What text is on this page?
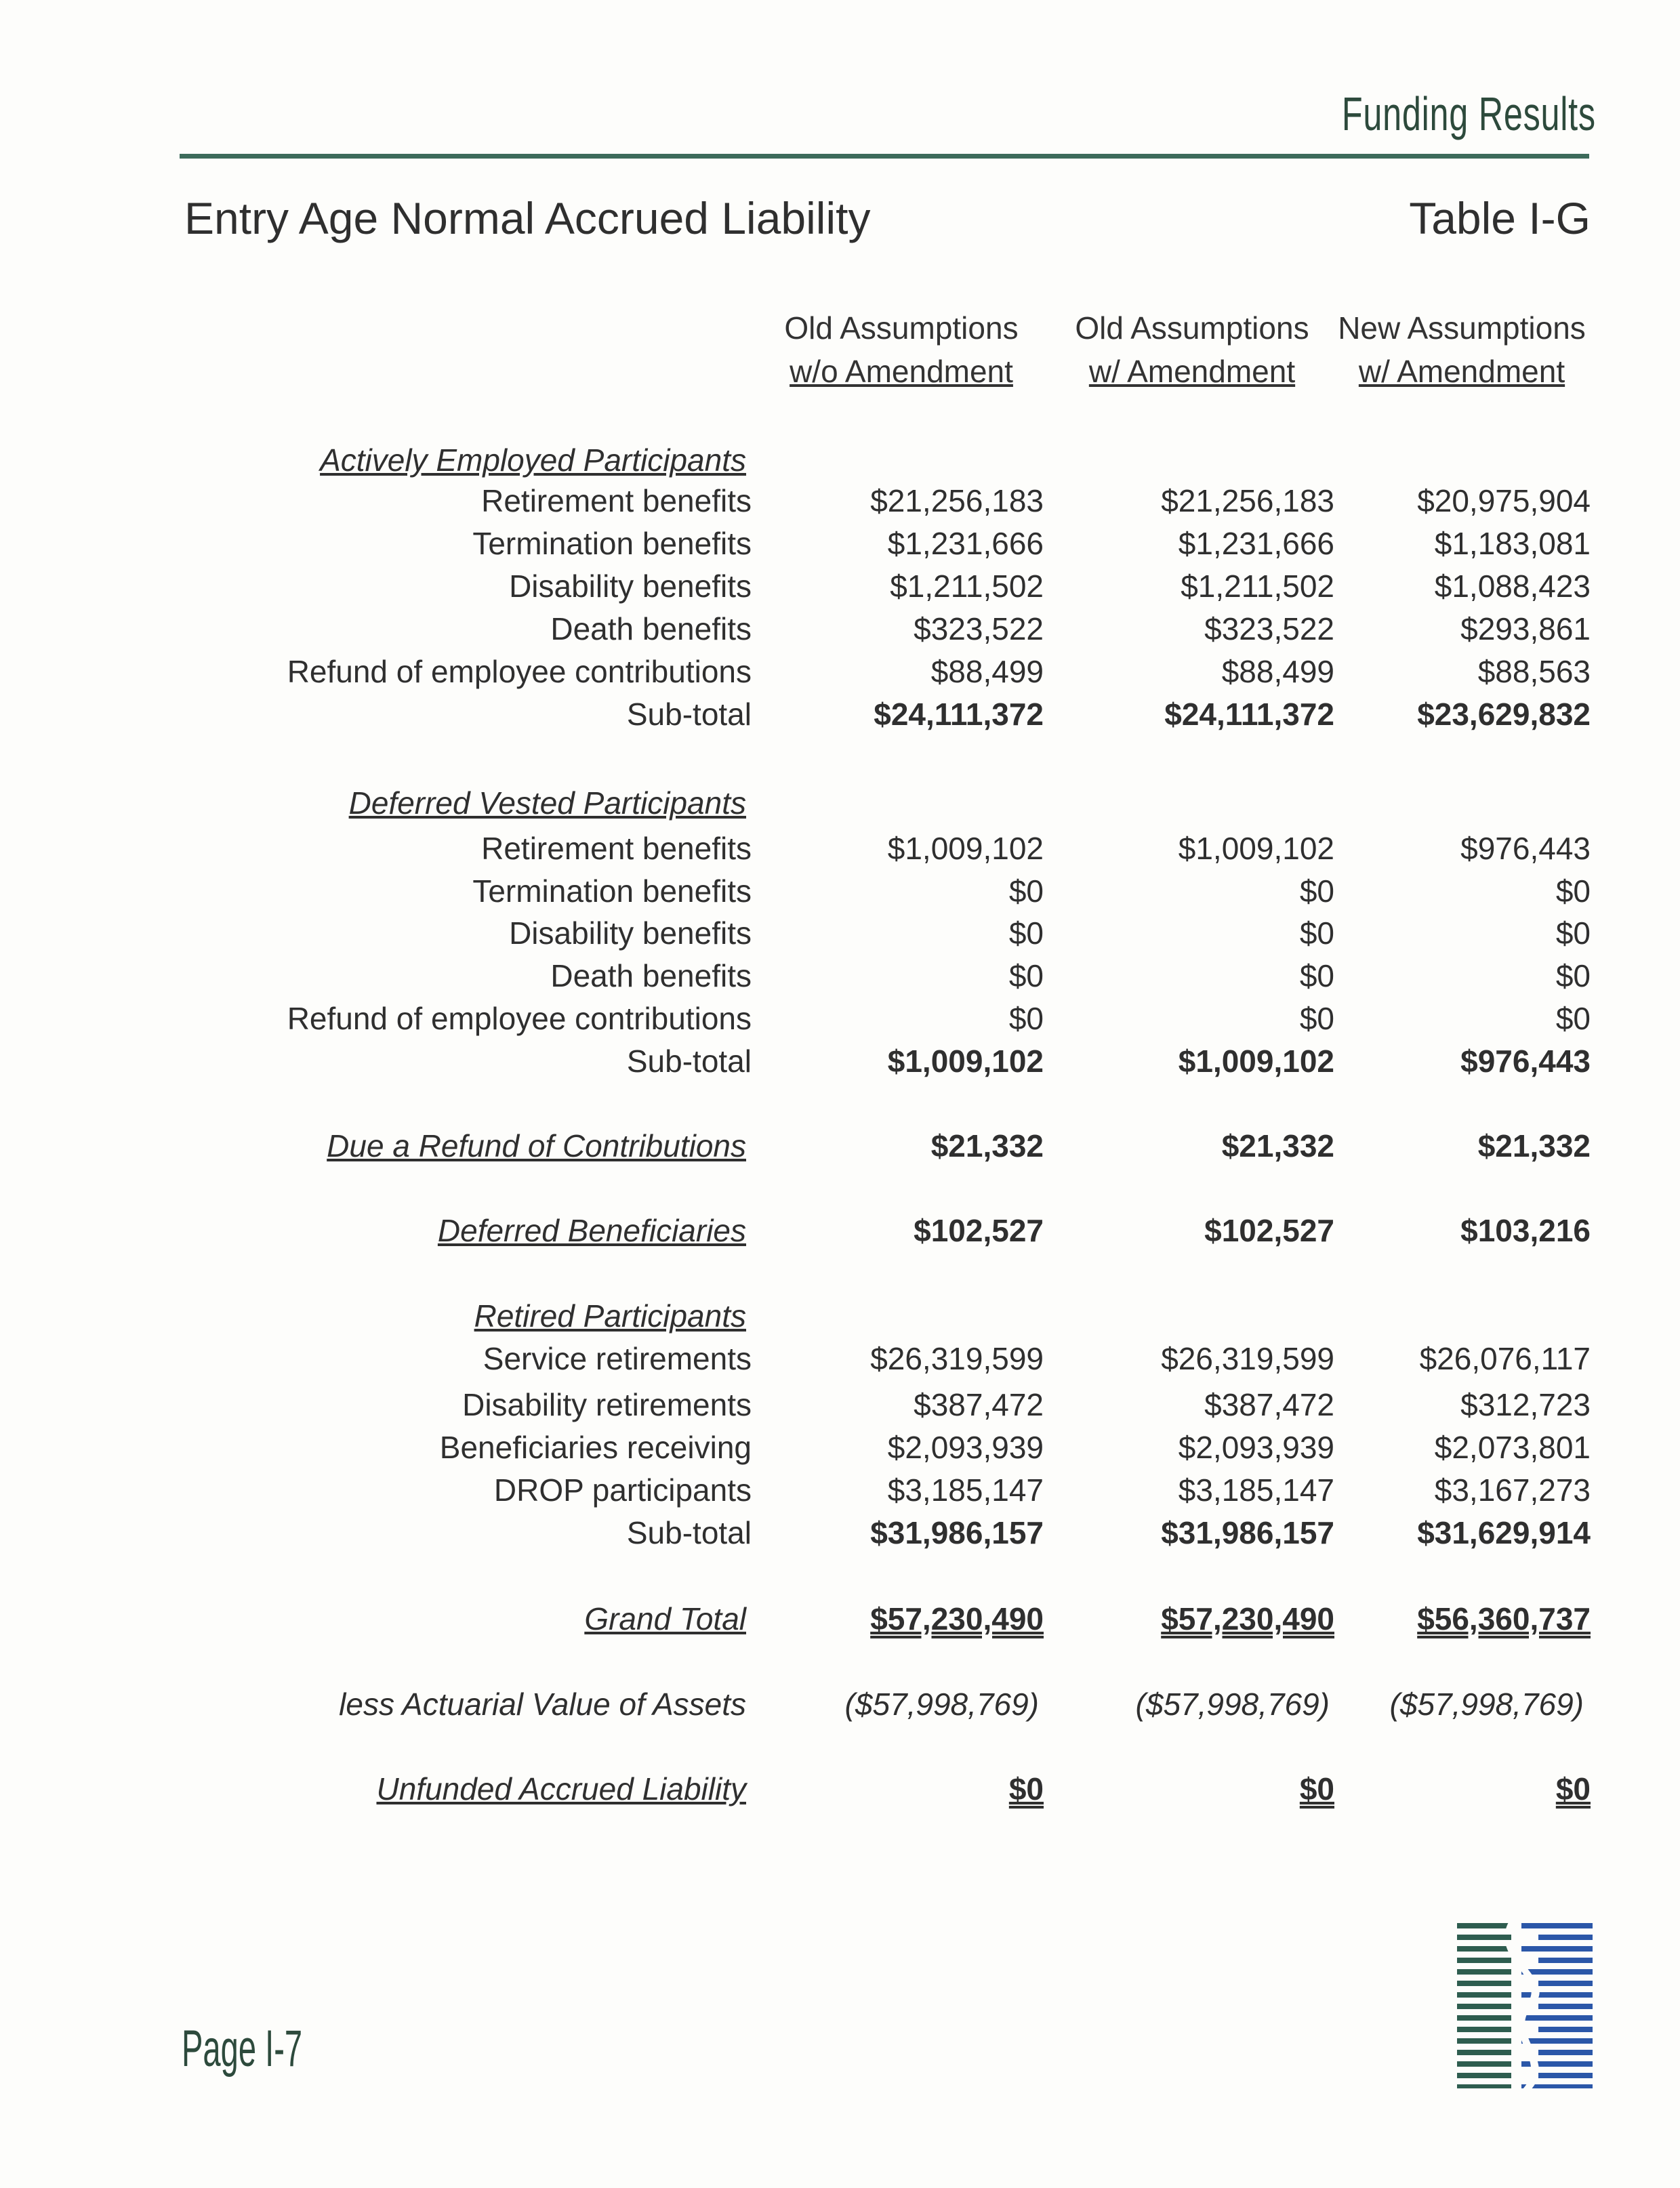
Funding Results
Entry Age Normal Accrued Liability	Table I-G
Old Assumptions
w/o Amendment
Old Assumptions
w/ Amendment
New Assumptions
w/ Amendment
Actively Employed Participants
Retirement benefits	$21,256,183	$21,256,183	$20,975,904
Termination benefits	$1,231,666	$1,231,666	$1,183,081
Disability benefits	$1,211,502	$1,211,502	$1,088,423
Death benefits	$323,522	$323,522	$293,861
Refund of employee contributions	$88,499	$88,499	$88,563
Sub-total	$24,111,372	$24,111,372	$23,629,832
Deferred Vested Participants
Retirement benefits	$1,009,102	$1,009,102	$976,443
Termination benefits	$0	$0	$0
Disability benefits	$0	$0	$0
Death benefits	$0	$0	$0
Refund of employee contributions	$0	$0	$0
Sub-total	$1,009,102	$1,009,102	$976,443
Due a Refund of Contributions	$21,332	$21,332	$21,332
Deferred Beneficiaries	$102,527	$102,527	$103,216
Retired Participants
Service retirements	$26,319,599	$26,319,599	$26,076,117
Disability retirements	$387,472	$387,472	$312,723
Beneficiaries receiving	$2,093,939	$2,093,939	$2,073,801
DROP participants	$3,185,147	$3,185,147	$3,167,273
Sub-total	$31,986,157	$31,986,157	$31,629,914
Grand Total	$57,230,490	$57,230,490	$56,360,737
less Actuarial Value of Assets	($57,998,769)	($57,998,769) ($57,998,769)
Unfunded Accrued Liability	$0	$0	$0
Page I-7
